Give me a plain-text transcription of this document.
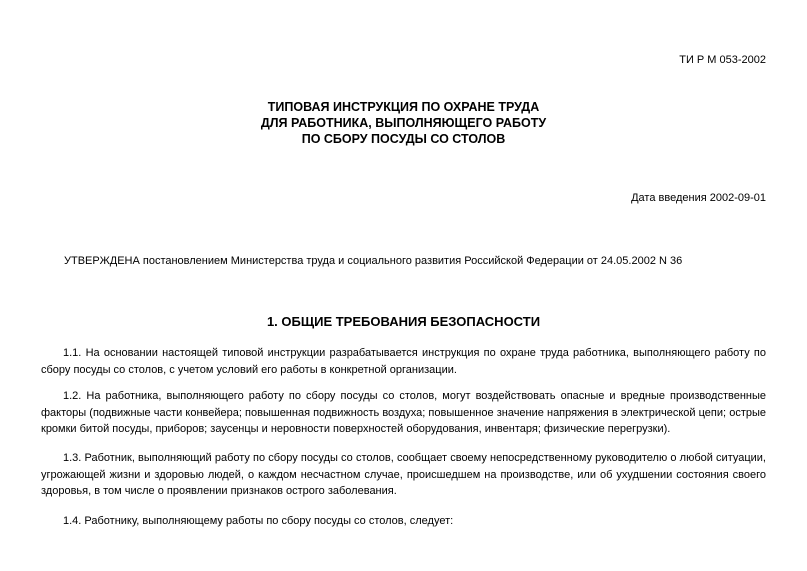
ТИ Р М 053-2002
ТИПОВАЯ ИНСТРУКЦИЯ ПО ОХРАНЕ ТРУДА
ДЛЯ РАБОТНИКА, ВЫПОЛНЯЮЩЕГО РАБОТУ
ПО СБОРУ ПОСУДЫ СО СТОЛОВ
Дата введения 2002-09-01
УТВЕРЖДЕНА постановлением Министерства труда и социального развития Российской Федерации от 24.05.2002 N 36
1. ОБЩИЕ ТРЕБОВАНИЯ БЕЗОПАСНОСТИ

1.1. На основании настоящей типовой инструкции разрабатывается инструкция по охране труда работника, выполняющего работу по сбору посуды со столов, с учетом условий его работы в конкретной организации.

1.2. На работника, выполняющего работу по сбору посуды со столов, могут воздействовать опасные и вредные производственные факторы (подвижные части конвейера; повышенная подвижность воздуха; повышенное значение напряжения в электрической цепи; острые кромки битой посуды, приборов; заусенцы и неровности поверхностей оборудования, инвентаря; физические перегрузки).

1.3. Работник, выполняющий работу по сбору посуды со столов, сообщает своему непосредственному руководителю о любой ситуации, угрожающей жизни и здоровью людей, о каждом несчастном случае, происшедшем на производстве, или об ухудшении состояния своего здоровья, в том числе о проявлении признаков острого заболевания.

1.4. Работнику, выполняющему работы по сбору посуды со столов, следует:
